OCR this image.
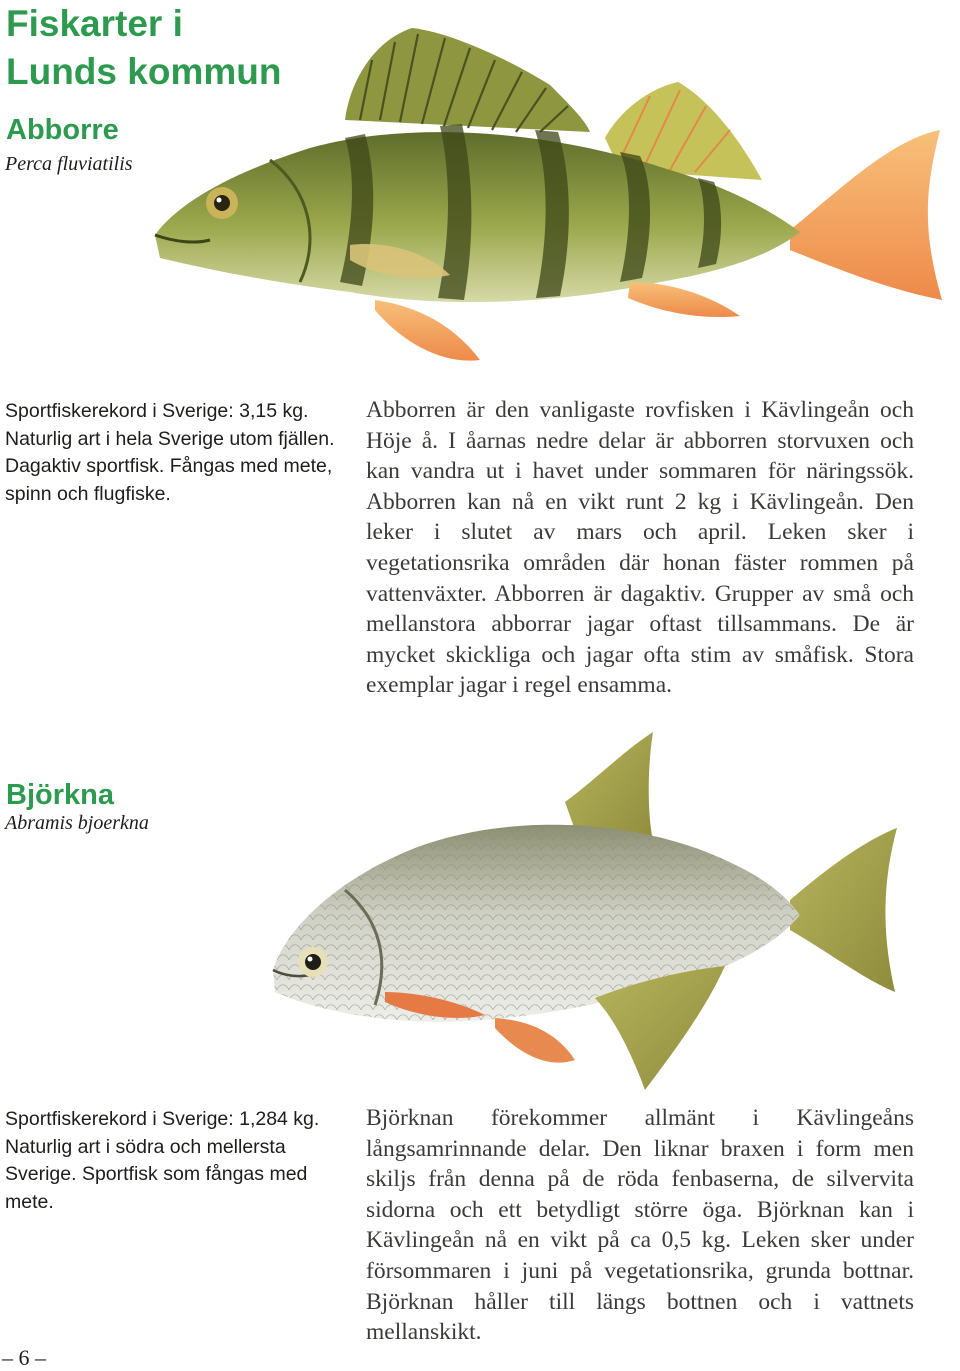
Fiskarter i
Lunds kommun
Abborre

Perca fluviatilis

Sportfiskerekord i Sverige: 3,15 kg. Naturlig art i hela Sverige utom fjällen. Dagaktiv sportfisk. Fångas med mete, spinn och flugfiske.

Abborren är den vanligaste rovfisken i Kävlingeån och Höje å. I åarnas nedre delar är abborren storvuxen och kan vandra ut i havet under sommaren för näringssök. Abborren kan nå en vikt runt 2 kg i Kävlingeån. Den leker i slutet av mars och april. Leken sker i vegetationsrika områden där honan fäster rommen på vattenväxter. Abborren är dagaktiv. Grupper av små och mellanstora abborrar jagar oftast tillsammans. De är mycket skickliga och jagar ofta stim av småfisk. Stora exemplar jagar i regel ensamma.

Björkna

Abramis bjoerkna

Sportfiskerekord i Sverige: 1,284 kg. Naturlig art i södra och mellersta Sverige. Sportfisk som fångas med mete.

Björknan förekommer allmänt i Kävlingeåns långsamrinnande delar. Den liknar braxen i form men skiljs från denna på de röda fenbaserna, de silvervita sidorna och ett betydligt större öga. Björknan kan i Kävlingeån nå en vikt på ca 0,5 kg. Leken sker under försommaren i juni på vegetationsrika, grunda bottnar. Björknan håller till längs bottnen och i vattnets mellanskikt.

– 6 –
